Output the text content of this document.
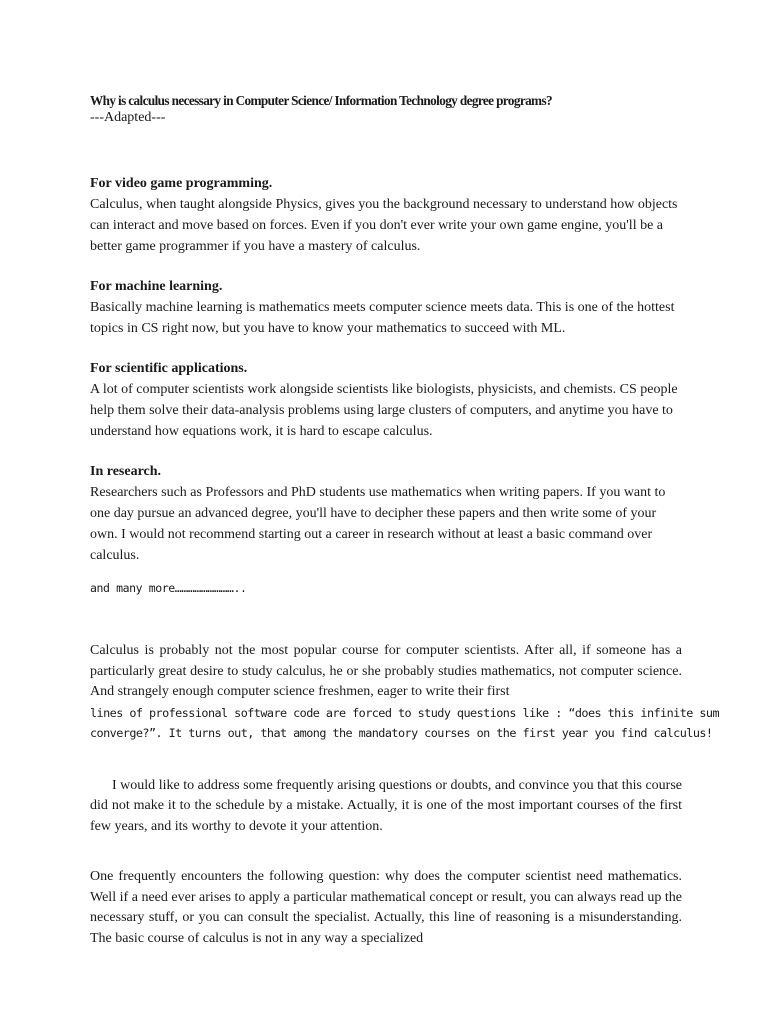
Why is calculus necessary in Computer Science/ Information Technology degree programs?

---Adapted---

For video game programming.

Calculus, when taught alongside Physics, gives you the background necessary to understand how objects can interact and move based on forces. Even if you don't ever write your own game engine, you'll be a better game programmer if you have a mastery of calculus.

For machine learning.

Basically machine learning is mathematics meets computer science meets data. This is one of the hottest topics in CS right now, but you have to know your mathematics to succeed with ML.

For scientific applications.

A lot of computer scientists work alongside scientists like biologists, physicists, and chemists. CS people help them solve their data-analysis problems using large clusters of computers, and anytime you have to understand how equations work, it is hard to escape calculus.

In research.

Researchers such as Professors and PhD students use mathematics when writing papers. If you want to one day pursue an advanced degree, you'll have to decipher these papers and then write some of your own. I would not recommend starting out a career in research without at least a basic command over calculus.

and many more………………………..

Calculus is probably not the most popular course for computer scientists. After all, if someone has a particularly great desire to study calculus, he or she probably studies mathematics, not computer science. And strangely enough computer science freshmen, eager to write their first

lines of professional software code are forced to study questions like : “does this infinite sum
converge?”. It turns out, that among the mandatory courses on the first year you find calculus!

I would like to address some frequently arising questions or doubts, and convince you that this course did not make it to the schedule by a mistake. Actually, it is one of the most important courses of the first few years, and its worthy to devote it your attention.

One frequently encounters the following question: why does the computer scientist need mathematics. Well if a need ever arises to apply a particular mathematical concept or result, you can always read up the necessary stuff, or you can consult the specialist. Actually, this line of reasoning is a misunderstanding. The basic course of calculus is not in any way a specialized
